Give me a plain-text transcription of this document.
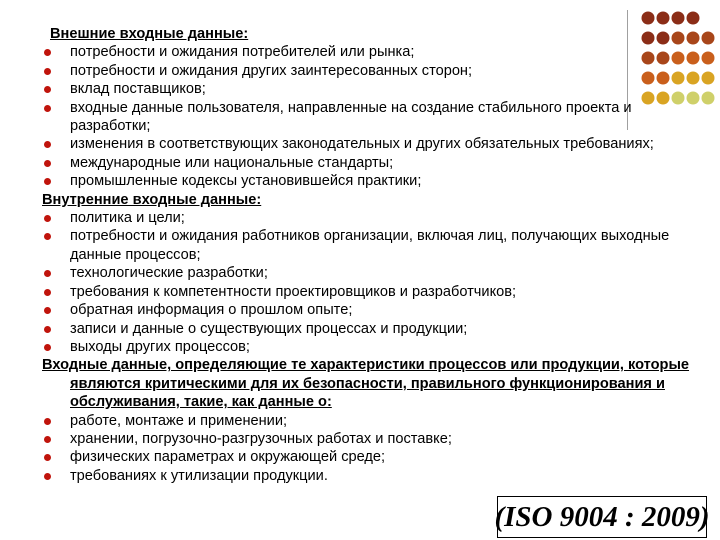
Внешние входные данные:
потребности и ожидания потребителей или рынка;
потребности и ожидания других заинтересованных сторон;
вклад поставщиков;
входные данные пользователя, направленные на создание стабильного проекта и разработки;
изменения в соответствующих законодательных и других обязательных требованиях;
международные или национальные стандарты;
промышленные кодексы установившейся практики;
Внутренние входные данные:
политика и цели;
потребности и ожидания работников организации, включая лиц, получающих выходные данные процессов;
технологические разработки;
требования к компетентности проектировщиков и разработчиков;
обратная информация о прошлом опыте;
записи и данные о существующих процессах и продукции;
выходы других процессов;
Входные данные, определяющие те характеристики процессов или продукции, которые являются критическими для их безопасности, правильного функционирования и обслуживания, такие, как данные о:
работе, монтаже и применении;
хранении, погрузочно-разгрузочных работах и поставке;
физических параметрах и окружающей среде;
требованиях к утилизации продукции.
(ISO 9004 : 2009)
